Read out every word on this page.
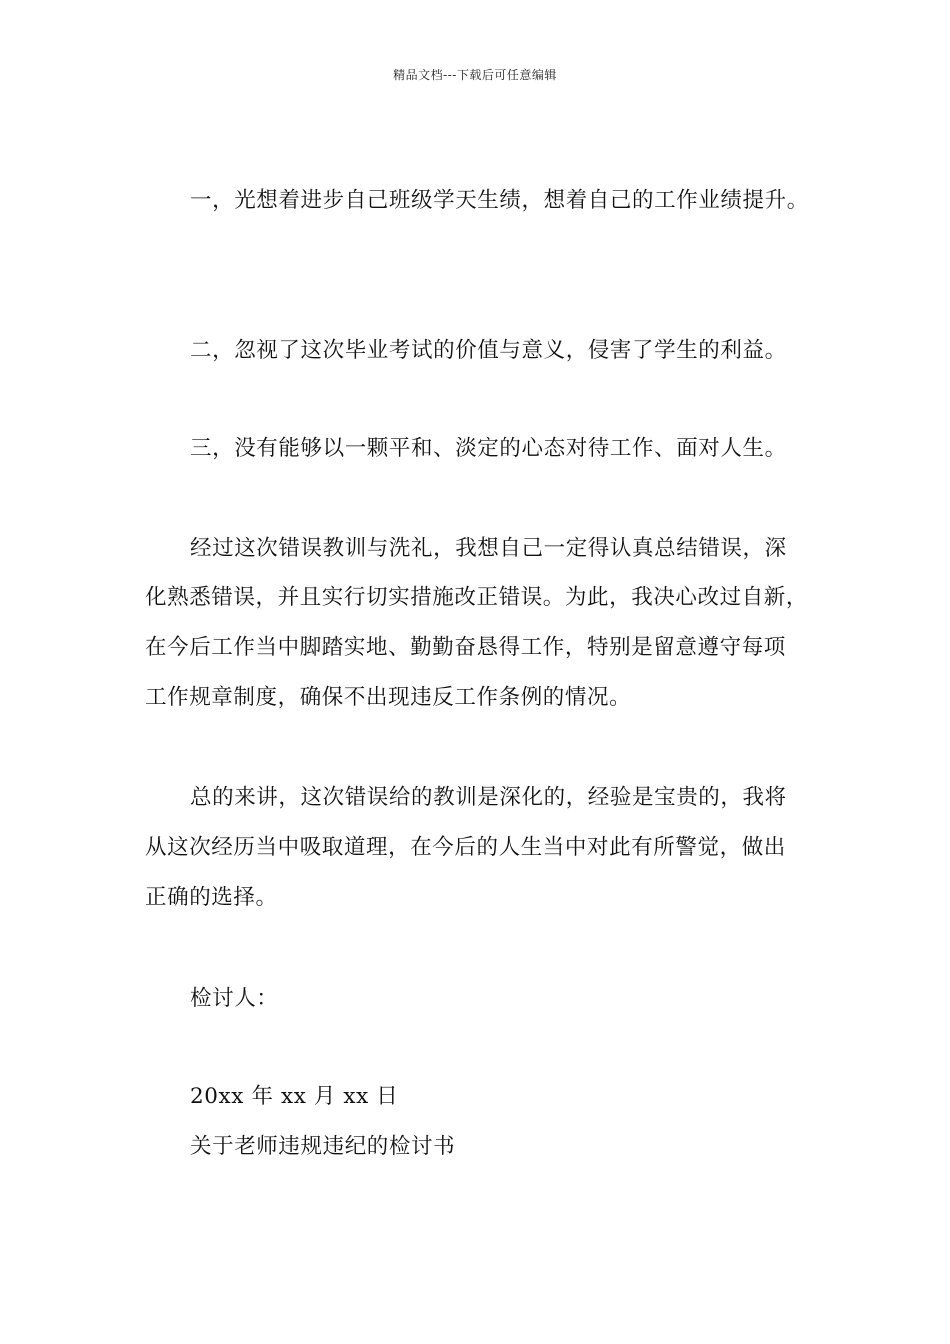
精品文档---下载后可任意编辑
一，光想着进步自己班级学天生绩，想着自己的工作业绩提升。
二，忽视了这次毕业考试的价值与意义，侵害了学生的利益。
三，没有能够以一颗平和、淡定的心态对待工作、面对人生。
经过这次错误教训与洗礼，我想自己一定得认真总结错误，深
化熟悉错误，并且实行切实措施改正错误。为此，我决心改过自新，
在今后工作当中脚踏实地、勤勤奋恳得工作，特别是留意遵守每项
工作规章制度，确保不出现违反工作条例的情况。
总的来讲，这次错误给的教训是深化的，经验是宝贵的，我将
从这次经历当中吸取道理，在今后的人生当中对此有所警觉，做出
正确的选择。
检讨人：
20xx 年 xx 月 xx 日
关于老师违规违纪的检讨书
